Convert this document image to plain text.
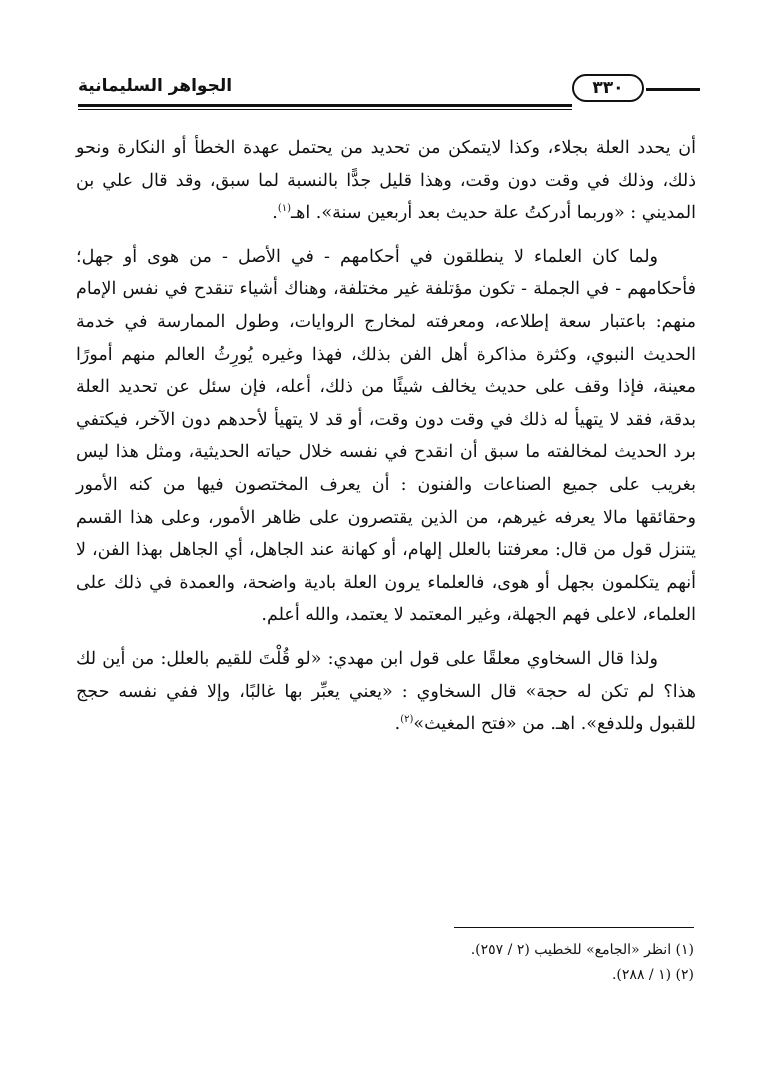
الجواهر السليمانية	٣٣٠

أن يحدد العلة بجلاء، وكذا لايتمكن من تحديد من يحتمل عهدة الخطأ أو النكارة ونحو ذلك، وذلك في وقت دون وقت، وهذا قليل جدًّا بالنسبة لما سبق، وقد قال علي بن المديني : «وربما أدركتُ علة حديث بعد أربعين سنة». اهـ$^{(١)}$.

ولما كان العلماء لا ينطلقون في أحكامهم - في الأصل - من هوى أو جهل؛ فأحكامهم - في الجملة - تكون مؤتلفة غير مختلفة، وهناك أشياء تنقدح في نفس الإمام منهم: باعتبار سعة إطلاعه، ومعرفته لمخارج الروايات، وطول الممارسة في خدمة الحديث النبوي، وكثرة مذاكرة أهل الفن بذلك، فهذا وغيره يُورِثُ العالم منهم أمورًا معينة، فإذا وقف على حديث يخالف شيئًا من ذلك، أعله، فإن سئل عن تحديد العلة بدقة، فقد لا يتهيأ له ذلك في وقت دون وقت، أو قد لا يتهيأ لأحدهم دون الآخر، فيكتفي برد الحديث لمخالفته ما سبق أن انقدح في نفسه خلال حياته الحديثية، ومثل هذا ليس بغريب على جميع الصناعات والفنون : أن يعرف المختصون فيها من كنه الأمور وحقائقها مالا يعرفه غيرهم، من الذين يقتصرون على ظاهر الأمور، وعلى هذا القسم يتنزل قول من قال: معرفتنا بالعلل إلهام، أو كهانة عند الجاهل، أي الجاهل بهذا الفن، لا أنهم يتكلمون بجهل أو هوى، فالعلماء يرون العلة بادية واضحة، والعمدة في ذلك على العلماء، لاعلى فهم الجهلة، وغير المعتمد لا يعتمد، والله أعلم.

ولذا قال السخاوي معلقًا على قول ابن مهدي: «لو قُلْتَ للقيم بالعلل: من أين لك هذا؟ لم تكن له حجة» قال السخاوي : «يعني يعبِّر بها غالبًا، وإلا ففي نفسه حجج للقبول وللدفع». اهـ. من «فتح المغيث»$^{(٢)}$.

(١) انظر «الجامع» للخطيب (٢ / ٢٥٧).

(٢) (١ / ٢٨٨).
